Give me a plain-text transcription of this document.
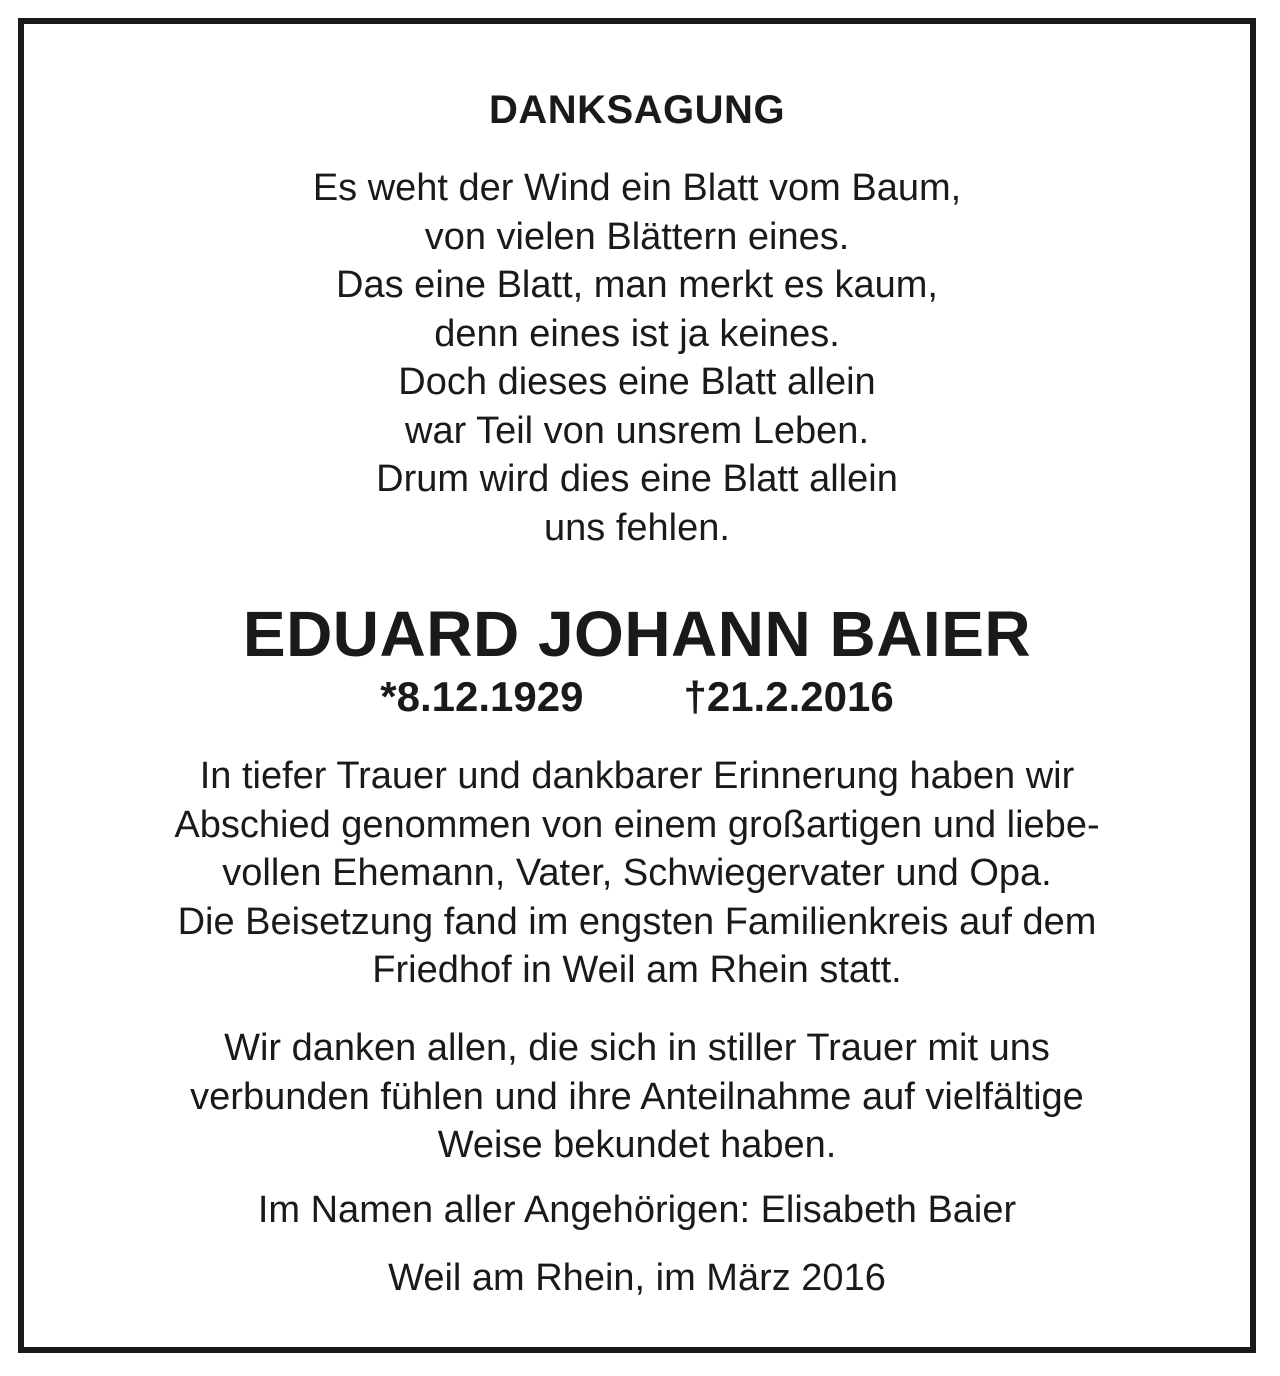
DANKSAGUNG
Es weht der Wind ein Blatt vom Baum,
von vielen Blättern eines.
Das eine Blatt, man merkt es kaum,
denn eines ist ja keines.
Doch dieses eine Blatt allein
war Teil von unsrem Leben.
Drum wird dies eine Blatt allein
uns fehlen.
EDUARD JOHANN BAIER
*8.12.1929 †21.2.2016
In tiefer Trauer und dankbarer Erinnerung haben wir
Abschied genommen von einem großartigen und liebe-
vollen Ehemann, Vater, Schwiegervater und Opa.
Die Beisetzung fand im engsten Familienkreis auf dem
Friedhof in Weil am Rhein statt.
Wir danken allen, die sich in stiller Trauer mit uns
verbunden fühlen und ihre Anteilnahme auf vielfältige
Weise bekundet haben.
Im Namen aller Angehörigen: Elisabeth Baier
Weil am Rhein, im März 2016
